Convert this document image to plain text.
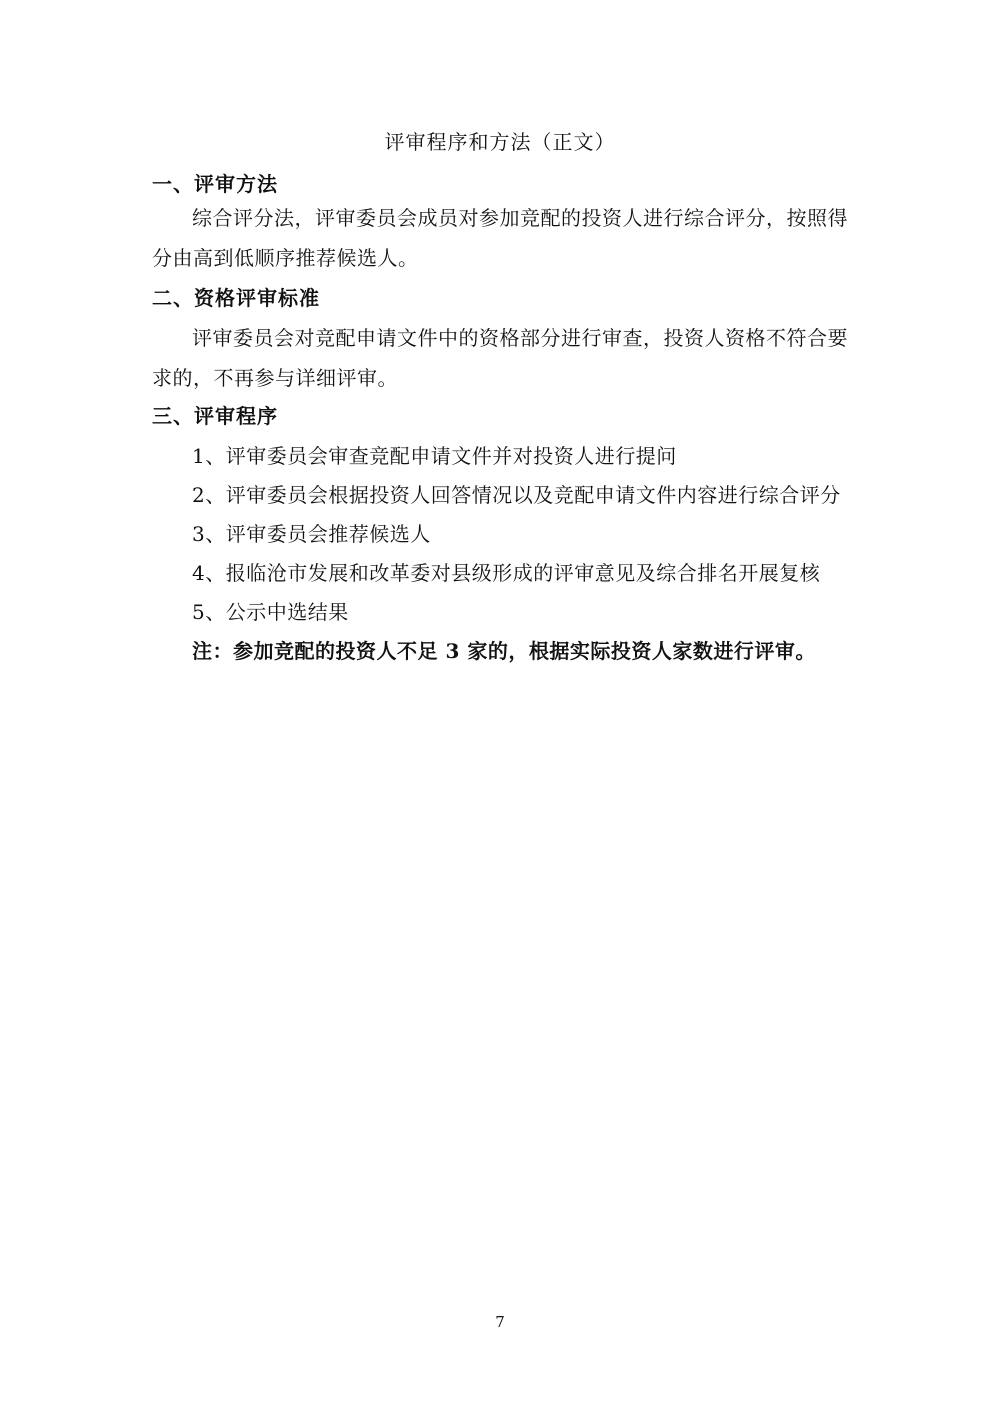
评审程序和方法（正文）
一、评审方法
综合评分法，评审委员会成员对参加竞配的投资人进行综合评分，按照得分由高到低顺序推荐候选人。
二、资格评审标准
评审委员会对竞配申请文件中的资格部分进行审查，投资人资格不符合要求的，不再参与详细评审。
三、评审程序
1、评审委员会审查竞配申请文件并对投资人进行提问
2、评审委员会根据投资人回答情况以及竞配申请文件内容进行综合评分
3、评审委员会推荐候选人
4、报临沧市发展和改革委对县级形成的评审意见及综合排名开展复核
5、公示中选结果
注：参加竞配的投资人不足 3 家的，根据实际投资人家数进行评审。
7
